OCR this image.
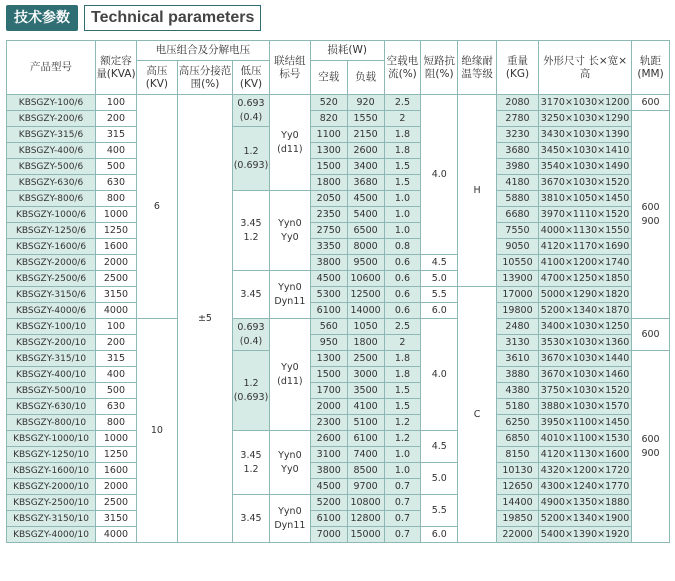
技术参数	Technical parameters
产品型号	额定容量(KVA)	电压组合及分解电压			联结组标号	损耗(W)		空载电流(%)	短路抗阻(%)	绝缘耐温等级	重量(KG)	外形尺寸 长×宽×高	轨距(MM)
		高压(KV)	高压分接范围(%)	低压(KV)		空载	负载						
KBSGZY-100/6	100	6	±5	0.693 (0.4)	Yy0 (d11)	520	920	2.5	4.0	H	2080	3170×1030×1200	600
KBSGZY-200/6	200					820	1550	2			2780	3250×1030×1290	600 900
KBSGZY-315/6	315			1.2 (0.693)		1100	2150	1.8			3230	3430×1030×1390	
KBSGZY-400/6	400					1300	2600	1.8			3680	3450×1030×1410	
KBSGZY-500/6	500					1500	3400	1.5			3980	3540×1030×1490	
KBSGZY-630/6	630					1800	3680	1.5			4180	3670×1030×1520	
KBSGZY-800/6	800			3.45 1.2	Yyn0 Yy0	2050	4500	1.0			5880	3810×1050×1450	
KBSGZY-1000/6	1000					2350	5400	1.0			6680	3970×1110×1520	
KBSGZY-1250/6	1250					2750	6500	1.0			7550	4000×1130×1550	
KBSGZY-1600/6	1600					3350	8000	0.8			9050	4120×1170×1690	
KBSGZY-2000/6	2000					3800	9500	0.6	4.5		10550	4100×1200×1740	
KBSGZY-2500/6	2500			3.45	Yyn0 Dyn11	4500	10600	0.6	5.0		13900	4700×1250×1850	
KBSGZY-3150/6	3150					5300	12500	0.6	5.5	C	17000	5000×1290×1820	
KBSGZY-4000/6	4000					6100	14000	0.6	6.0		19800	5200×1340×1870	
KBSGZY-100/10	100	10		0.693 (0.4)	Yy0 (d11)	560	1050	2.5	4.0		2480	3400×1030×1250	600
KBSGZY-200/10	200					950	1800	2			3130	3530×1030×1360	
KBSGZY-315/10	315			1.2 (0.693)		1300	2500	1.8			3610	3670×1030×1440	600 900
KBSGZY-400/10	400					1500	3000	1.8			3880	3670×1030×1460	
KBSGZY-500/10	500					1700	3500	1.5			4380	3750×1030×1520	
KBSGZY-630/10	630					2000	4100	1.5			5180	3880×1030×1570	
KBSGZY-800/10	800					2300	5100	1.2			6250	3950×1100×1450	
KBSGZY-1000/10	1000			3.45 1.2	Yyn0 Yy0	2600	6100	1.2	4.5		6850	4010×1100×1530	
KBSGZY-1250/10	1250					3100	7400	1.0			8150	4120×1130×1600	
KBSGZY-1600/10	1600					3800	8500	1.0	5.0		10130	4320×1200×1720	
KBSGZY-2000/10	2000					4500	9700	0.7			12650	4300×1240×1770	
KBSGZY-2500/10	2500			3.45	Yyn0 Dyn11	5200	10800	0.7	5.5		14400	4900×1350×1880	
KBSGZY-3150/10	3150					6100	12800	0.7			19850	5200×1340×1900	
KBSGZY-4000/10	4000					7000	15000	0.7	6.0		22000	5400×1390×1920	
